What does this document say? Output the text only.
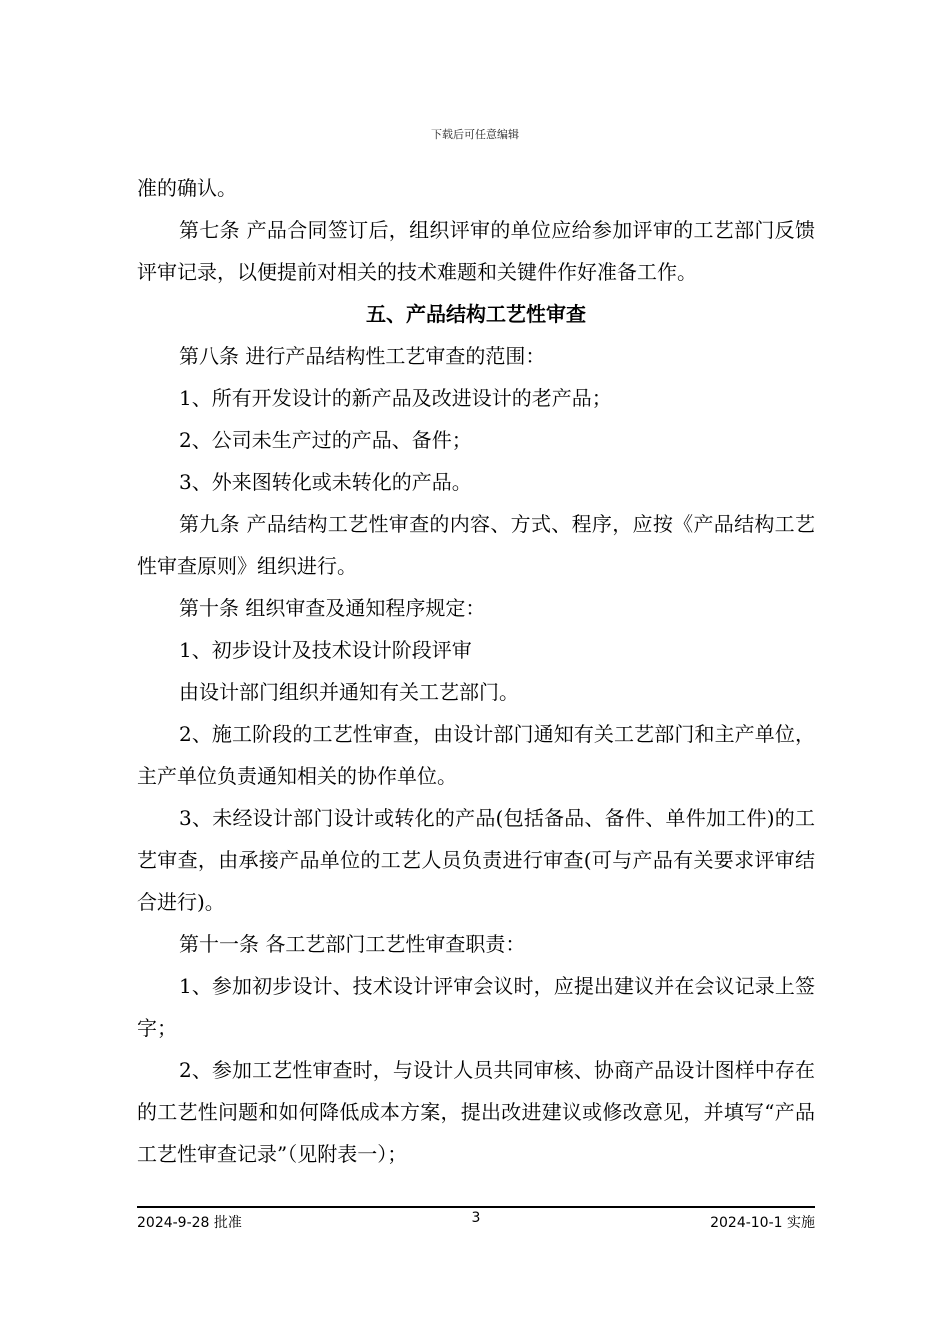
下载后可任意编辑

准的确认。

第七条 产品合同签订后，组织评审的单位应给参加评审的工艺部门反馈评审记录，以便提前对相关的技术难题和关键件作好准备工作。

五、产品结构工艺性审查

第八条 进行产品结构性工艺审查的范围：

1、所有开发设计的新产品及改进设计的老产品；

2、公司未生产过的产品、备件；

3、外来图转化或未转化的产品。

第九条 产品结构工艺性审查的内容、方式、程序，应按《产品结构工艺性审查原则》组织进行。

第十条 组织审查及通知程序规定：

1、初步设计及技术设计阶段评审

由设计部门组织并通知有关工艺部门。

2、施工阶段的工艺性审查，由设计部门通知有关工艺部门和主产单位，主产单位负责通知相关的协作单位。

3、未经设计部门设计或转化的产品(包括备品、备件、单件加工件)的工艺审查，由承接产品单位的工艺人员负责进行审查(可与产品有关要求评审结合进行)。

第十一条 各工艺部门工艺性审查职责：

1、参加初步设计、技术设计评审会议时，应提出建议并在会议记录上签字；

2、参加工艺性审查时，与设计人员共同审核、协商产品设计图样中存在的工艺性问题和如何降低成本方案，提出改进建议或修改意见，并填写“产品工艺性审查记录”（见附表一）；

2024-9-28 批准	3	2024-10-1 实施
